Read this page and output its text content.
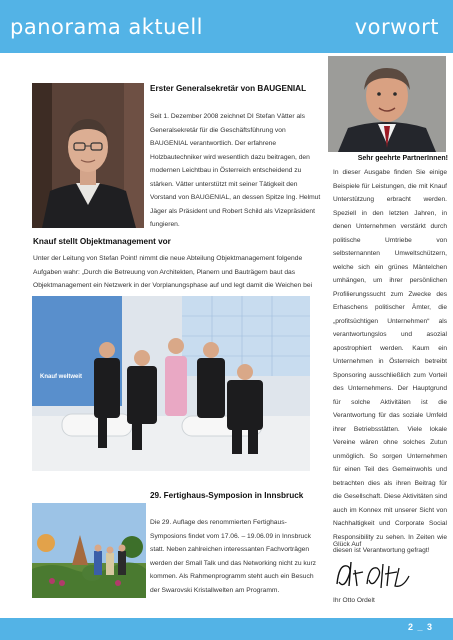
panorama aktuell	vorwort
Erster Generalsekretär von BAUGENIAL
Seit 1. Dezember 2008 zeichnet DI Stefan Vätter als Generalsekretär für die Geschäftsführung von BAUGENIAL verantwortlich. Der erfahrene Holzbautechniker wird wesentlich dazu beitragen, den modernen Leichtbau in Österreich entscheidend zu stärken. Vätter unterstützt mit seiner Tätigkeit den Vorstand von BAUGENIAL, an dessen Spitze Ing. Helmut Jäger als Präsident und Robert Schild als Vizepräsident fungieren.
Knauf stellt Objektmanagement vor
Unter der Leitung von Stefan Point! nimmt die neue Abteilung Objektmanagement folgende Aufgaben wahr: „Durch die Betreuung von Architekten, Planern und Bauträgern baut das Objektmanagement ein Netzwerk in der Vorplanungsphase auf und legt damit die Weichen bei
Knauf weltweit
29. Fertighaus-Symposion in Innsbruck
Die 29. Auflage des renommierten Fertighaus-Symposions findet vom 17.06. – 19.06.09 in Innsbruck statt. Neben zahlreichen interessanten Fachvorträgen werden der Small Talk und das Networking nicht zu kurz kommen. Als Rahmenprogramm steht auch ein Besuch der Swarovski Kristallwelten am Programm.
Sehr geehrte PartnerInnen!
In dieser Ausgabe finden Sie einige Beispiele für Leistungen, die mit Knauf Unterstützung erbracht werden. Speziell in den letzten Jahren, in denen Unternehmen verstärkt durch politische Umtriebe von selbsternannten Umweltschützern, welche sich ein grünes Mäntelchen umhängen, um ihrer persönlichen Profilierungssucht zum Zwecke des Erhaschens politischer Ämter, die „profitsüchtigen Unternehmen“ als verantwortungslos und asozial apostrophiert werden. Kaum ein Unternehmen in Österreich betreibt Sponsoring ausschließlich zum Vorteil des Unternehmens. Der Hauptgrund für solche Aktivitäten ist die Verantwortung für das soziale Umfeld ihrer Betriebsstätten. Viele lokale Vereine wären ohne solches Zutun unmöglich. So sorgen Unternehmen für einen Teil des Gemeinwohls und betrachten dies als ihren Beitrag für die Gesellschaft. Diese Aktivitäten sind auch im Konnex mit unserer Sicht von Nachhaltigkeit und Corporate Social Responsibility zu sehen. In Zeiten wie diesen ist Verantwortung gefragt!
Glück Auf
Ihr Otto Ordelt
2 _ 3
